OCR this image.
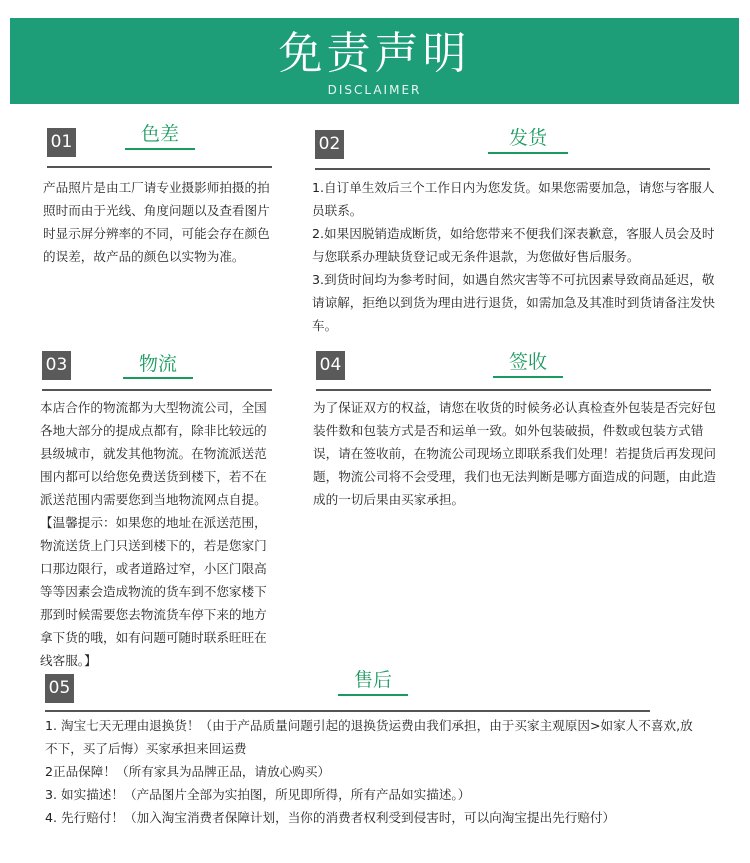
免责声明
DISCLAIMER
01	色差

产品照片是由工厂请专业摄影师拍摄的拍照时而由于光线、角度问题以及查看图片时显示屏分辨率的不同，可能会存在颜色的误差，故产品的颜色以实物为准。

02	发货

1.自订单生效后三个工作日内为您发货。如果您需要加急，请您与客服人员联系。

2.如果因脱销造成断货，如给您带来不便我们深表歉意，客服人员会及时与您联系办理缺货登记或无条件退款，为您做好售后服务。

3.到货时间均为参考时间，如遇自然灾害等不可抗因素导致商品延迟，敬请谅解，拒绝以到货为理由进行退货，如需加急及其准时到货请备注发快车。

03	物流

本店合作的物流都为大型物流公司，全国各地大部分的提成点都有，除非比较远的县级城市，就发其他物流。在物流派送范围内都可以给您免费送货到楼下，若不在派送范围内需要您到当地物流网点自提。

【温馨提示：如果您的地址在派送范围，物流送货上门只送到楼下的，若是您家门口那边限行，或者道路过窄，小区门限高等等因素会造成物流的货车到不您家楼下那到时候需要您去物流货车停下来的地方拿下货的哦，如有问题可随时联系旺旺在线客服。】

04	签收

为了保证双方的权益，请您在收货的时候务必认真检查外包装是否完好包装件数和包装方式是否和运单一致。如外包装破损，件数或包装方式错误，请在签收前，在物流公司现场立即联系我们处理！若提货后再发现问题，物流公司将不会受理，我们也无法判断是哪方面造成的问题，由此造成的一切后果由买家承担。

05	售后

1. 淘宝七天无理由退换货！（由于产品质量问题引起的退换货运费由我们承担，由于买家主观原因>如家人不喜欢,放不下，买了后悔）买家承担来回运费

2正品保障！（所有家具为品牌正品，请放心购买）

3. 如实描述！（产品图片全部为实拍图，所见即所得，所有产品如实描述。）

4. 先行赔付！（加入淘宝消费者保障计划，当你的消费者权利受到侵害时，可以向淘宝提出先行赔付）
